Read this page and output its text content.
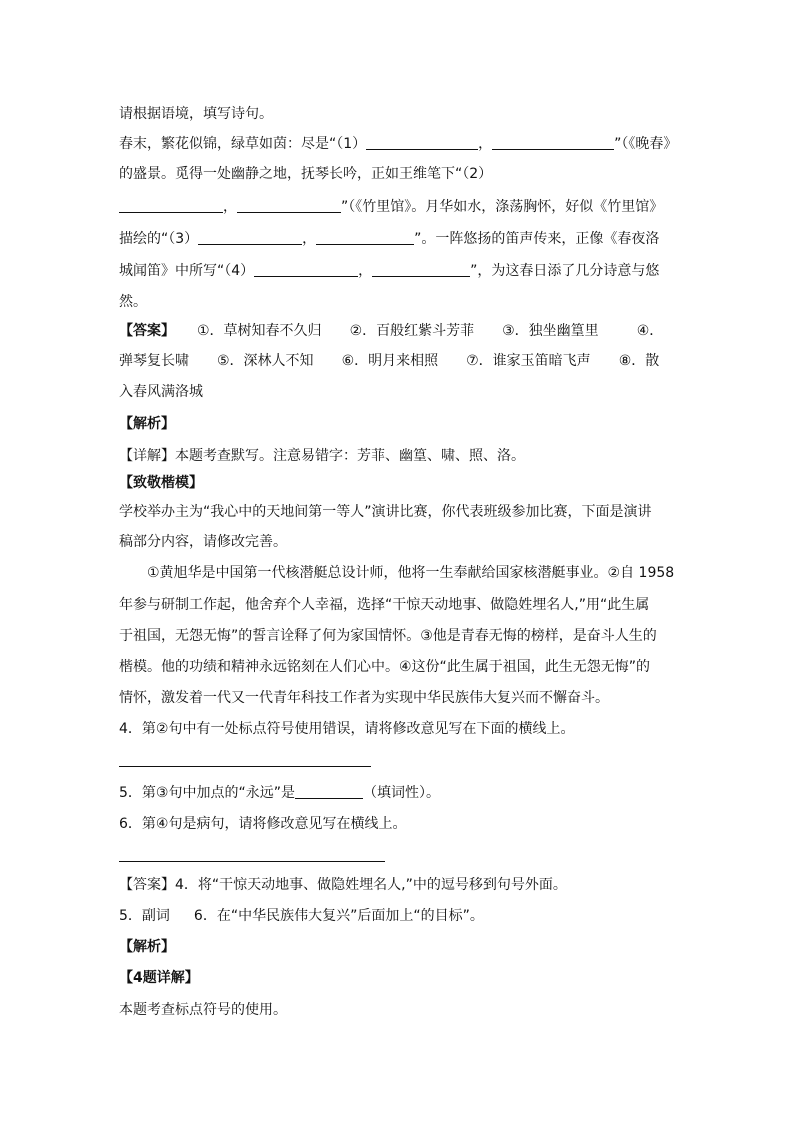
请根据语境，填写诗句。
春末，繁花似锦，绿草如茵：尽是“（1）	，	”（《晚春》
的盛景。觅得一处幽静之地，抚琴长吟，正如王维笔下“（2）
，	”（《竹里馆》。月华如水，涤荡胸怀，好似《竹里馆》
描绘的“（3）	，	”。一阵悠扬的笛声传来，正像《春夜洛
城闻笛》中所写“（4）	，	”，为这春日添了几分诗意与悠
然。
【答案】 ①．草树知春不久归 ②．百般红紫斗芳菲 ③．独坐幽篁里	④．
弹琴复长啸 ⑤．深林人不知 ⑥．明月来相照 ⑦．谁家玉笛暗飞声 ⑧．散
入春风满洛城
【解析】
【详解】本题考查默写。注意易错字：芳菲、幽篁、啸、照、洛。
【致敬楷模】
学校举办主为“我心中的天地间第一等人”演讲比赛，你代表班级参加比赛，下面是演讲
稿部分内容，请修改完善。
①黄旭华是中国第一代核潜艇总设计师，他将一生奉献给国家核潜艇事业。②自 1958
年参与研制工作起，他舍弃个人幸福，选择“干惊天动地事、做隐姓埋名人,”用“此生属
于祖国，无怨无悔”的誓言诠释了何为家国情怀。③他是青春无悔的榜样，是奋斗人生的
楷模。他的功绩和精神永远铭刻在人们心中。④这份“此生属于祖国，此生无怨无悔”的
情怀，激发着一代又一代青年科技工作者为实现中华民族伟大复兴而不懈奋斗。
4．第②句中有一处标点符号使用错误，请将修改意见写在下面的横线上。
5．第③句中加点的“永远”是	（填词性）。
6．第④句是病句，请将修改意见写在横线上。
【答案】4．将“干惊天动地事、做隐姓埋名人,”中的逗号移到句号外面。
5．副词 6．在“中华民族伟大复兴”后面加上“的目标”。
【解析】
【4题详解】
本题考查标点符号的使用。
